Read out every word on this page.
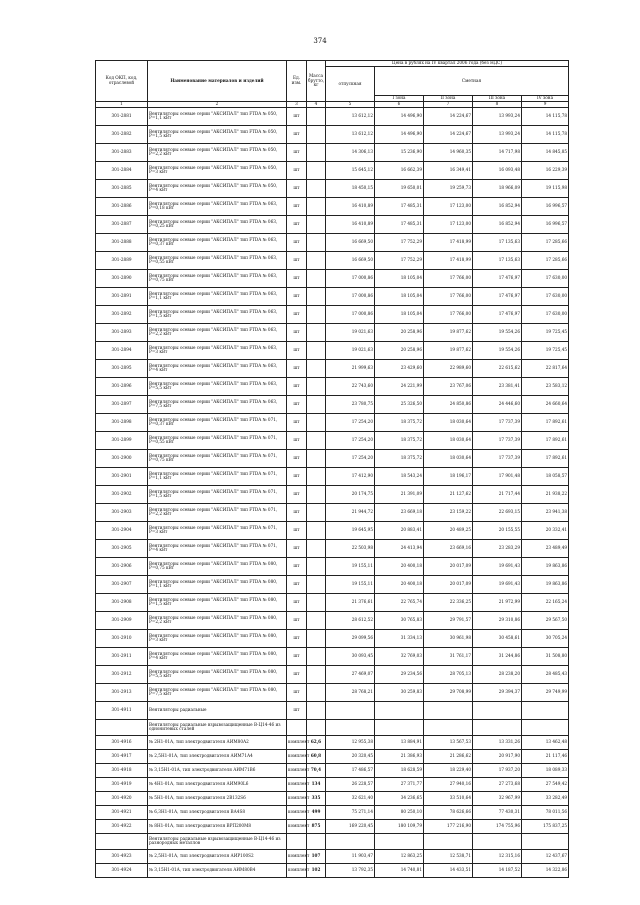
374
Код ОКП, код, отраслевой	Наименование материалов и изделий	Ед. изм.	Масса брутто, кг	Цена в рублях на IV квартал 2006 года (без НДС)				
				отпускная	Сметная			
					I зона	II зона	III зона	IV зона
1	2	3	4	5	6	7	8	9
301-2881	Вентиляторы осевые серии "АКСИПАЛ" тип FTDA № 050, Р=1,1 кВт	шт		13 612,12	14 496,90	14 224,67	13 993,24	14 115,78
301-2882	Вентиляторы осевые серии "АКСИПАЛ" тип FTDA № 050, Р=1,5 кВт	шт		13 612,12	14 496,90	14 224,67	13 993,24	14 115,78
301-2883	Вентиляторы осевые серии "АКСИПАЛ" тип FTDA № 050, Р=2,2 кВт	шт		14 306,13	15 236,90	14 960,35	14 717,98	14 845,85
301-2884	Вентиляторы осевые серии "АКСИПАЛ" тип FTDA № 050, Р=3 кВт	шт		15 645,12	16 662,39	16 349,41	16 093,48	16 229,39
301-2885	Вентиляторы осевые серии "АКСИПАЛ" тип FTDA № 050, Р=4 кВт	шт		18 450,15	19 650,01	19 259,73	18 966,09	19 115,98
301-2886	Вентиляторы осевые серии "АКСИПАЛ" тип FTDA № 063, Р=0,18 кВт	шт		16 410,89	17 485,31	17 123,00	16 852,94	16 996,57
301-2887	Вентиляторы осевые серии "АКСИПАЛ" тип FTDA № 063, Р=0,25 кВт	шт		16 410,89	17 485,31	17 123,00	16 852,94	16 996,57
301-2888	Вентиляторы осевые серии "АКСИПАЛ" тип FTDA № 063, Р=0,37 кВт	шт		16 669,50	17 752,29	17 418,99	17 135,63	17 285,66
301-2889	Вентиляторы осевые серии "АКСИПАЛ" тип FTDA № 063, Р=0,55 кВт	шт		16 669,50	17 752,29	17 418,99	17 135,63	17 285,66
301-2890	Вентиляторы осевые серии "АКСИПАЛ" тип FTDA № 063, Р=0,75 кВт	шт		17 000,86	18 105,04	17 766,00	17 476,97	17 630,00
301-2891	Вентиляторы осевые серии "АКСИПАЛ" тип FTDA № 063, Р=1,1 кВт	шт		17 000,86	18 105,04	17 766,00	17 476,97	17 630,00
301-2892	Вентиляторы осевые серии "АКСИПАЛ" тип FTDA № 063, Р=1,5 кВт	шт		17 000,86	18 105,04	17 766,00	17 476,97	17 630,00
301-2893	Вентиляторы осевые серии "АКСИПАЛ" тип FTDA № 063, Р=2,2 кВт	шт		19 021,63	20 258,96	19 877,62	19 554,26	19 725,45
301-2894	Вентиляторы осевые серии "АКСИПАЛ" тип FTDA № 063, Р=3 кВт	шт		19 021,63	20 258,96	19 877,62	19 554,26	19 725,45
301-2895	Вентиляторы осевые серии "АКСИПАЛ" тип FTDA № 063, Р=4 кВт	шт		21 999,63	23 429,60	22 989,60	22 615,62	22 817,64
301-2896	Вентиляторы осевые серии "АКСИПАЛ" тип FTDA № 063, Р=5,5 кВт	шт		22 743,60	24 221,99	23 767,06	23 381,41	23 583,12
301-2897	Вентиляторы осевые серии "АКСИПАЛ" тип FTDA № 063, Р=7,5 кВт	шт		23 780,75	25 326,50	24 850,86	24 446,60	24 660,64
301-2898	Вентиляторы осевые серии "АКСИПАЛ" тип FTDA № 071, Р=0,37 кВт	шт		17 254,20	18 375,72	18 030,64	17 737,39	17 892,61
301-2899	Вентиляторы осевые серии "АКСИПАЛ" тип FTDA № 071, Р=0,55 кВт	шт		17 254,20	18 375,72	18 030,64	17 737,39	17 892,61
301-2900	Вентиляторы осевые серии "АКСИПАЛ" тип FTDA № 071, Р=0,75 кВт	шт		17 254,20	18 375,72	18 030,64	17 737,39	17 892,61
301-2901	Вентиляторы осевые серии "АКСИПАЛ" тип FTDA № 071, Р=1,1 кВт	шт		17 412,90	18 543,24	18 196,17	17 901,48	18 058,57
301-2902	Вентиляторы осевые серии "АКСИПАЛ" тип FTDA № 071, Р=1,5 кВт	шт		20 174,75	21 391,09	21 127,62	21 717,44	21 938,22
301-2903	Вентиляторы осевые серии "АКСИПАЛ" тип FTDA № 071, Р=2,2 кВт	шт		21 944,72	23 669,18	23 159,22	22 693,15	23 941,38
301-2904	Вентиляторы осевые серии "АКСИПАЛ" тип FTDA № 071, Р=3 кВт	шт		19 645,95	20 883,41	20 489,25	20 155,55	20 332,41
301-2905	Вентиляторы осевые серии "АКСИПАЛ" тип FTDA № 071, Р=4 кВт	шт		22 503,98	24 413,94	23 669,16	23 283,29	23 489,49
301-2906	Вентиляторы осевые серии "АКСИПАЛ" тип FTDA № 080, Р=0,75 кВт	шт		19 155,11	20 400,18	20 017,09	19 691,43	19 863,86
301-2907	Вентиляторы осевые серии "АКСИПАЛ" тип FTDA № 080, Р=1,1 кВт	шт		19 155,11	20 400,18	20 017,09	19 691,43	19 863,86
301-2908	Вентиляторы осевые серии "АКСИПАЛ" тип FTDA № 080, Р=1,5 кВт	шт		21 376,61	22 765,74	22 336,25	21 972,99	22 165,24
301-2909	Вентиляторы осевые серии "АКСИПАЛ" тип FTDA № 080, Р=2,2 кВт	шт		28 612,52	30 765,83	29 791,57	29 310,86	29 567,50
301-2910	Вентиляторы осевые серии "АКСИПАЛ" тип FTDA № 080, Р=3 кВт	шт		29 099,56	31 334,13	30 961,98	30 458,61	30 705,24
301-2911	Вентиляторы осевые серии "АКСИПАЛ" тип FTDA № 080, Р=4 кВт	шт		30 093,45	32 769,03	31 761,17	31 244,86	31 508,80
301-2912	Вентиляторы осевые серии "АКСИПАЛ" тип FTDA № 080, Р=5,5 кВт	шт		27 469,07	29 234,56	28 705,13	28 238,20	28 485,43
301-2913	Вентиляторы осевые серии "АКСИПАЛ" тип FTDA № 080, Р=7,5 кВт	шт		28 768,21	30 259,83	29 708,99	29 394,37	29 749,99
301-4911	Вентиляторы радиальные	шт						
	Вентиляторы радиальные взрывозащищенные В-Ц14-46 из однонитевых сталей							
301-4916	№ 2Н1-01А, тип электродвигателя АИМ80А2	комплект	62,6	12 955,38	13 884,91	13 567,53	13 331,26	13 462,48
301-4917	№ 2,5Н1-01А, тип электродвигателя АИМ71А4	комплект	60,8	20 320,45	21 386,93	21 286,62	20 917,90	21 117,46
301-4918	№ 3,15Н1-01А, тип электродвигателя АИМ71В6	комплект	70,4	17 486,57	18 628,59	18 229,40	17 937,20	18 089,33
301-4919	№ 4Н1-01А, тип электродвигателя АИМ90L6	комплект	134	26 228,57	27 371,77	27 940,16	27 273,68	27 549,42
301-4920	№ 5Н1-01А, тип электродвигателя 2В132S6	комплект	335	32 621,40	34 236,65	33 510,64	32 967,99	33 282,49
301-4921	№ 6,3Н1-01А, тип электродвигателя ВА4S8	комплект	499	75 271,14	80 250,10	78 626,66	77 430,31	78 011,56
301-4922	№ 8Н1-01А, тип электродвигателя ВРП200М8	комплект	875	169 220,45	180 109,79	177 216,90	174 755,96	175 837,25
	Вентиляторы радиальные взрывозащищенные В-Ц14-46 из разнородных металлов							
301-4923	№ 2,5Н1-01А, тип электродвигателя АИР100S2	комплект	107	11 903,47	12 863,25	12 538,71	12 315,16	12 437,67
301-4924	№ 3,15Н1-01А, тип электродвигателя АИМ80В4	комплект	102	13 792,35	14 740,81	14 433,51	14 187,52	14 322,86
